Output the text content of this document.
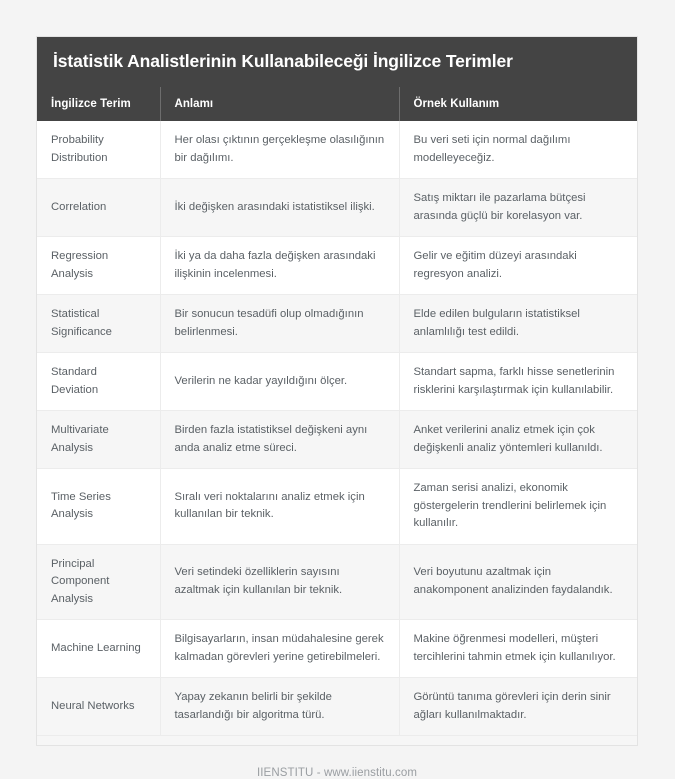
İstatistik Analistlerinin Kullanabileceği İngilizce Terimler
İngilizce Terim	Anlamı	Örnek Kullanım
Probability Distribution	Her olası çıktının gerçekleşme olasılığının bir dağılımı.	Bu veri seti için normal dağılımı modelleyeceğiz.
Correlation	İki değişken arasındaki istatistiksel ilişki.	Satış miktarı ile pazarlama bütçesi arasında güçlü bir korelasyon var.
Regression Analysis	İki ya da daha fazla değişken arasındaki ilişkinin incelenmesi.	Gelir ve eğitim düzeyi arasındaki regresyon analizi.
Statistical Significance	Bir sonucun tesadüfi olup olmadığının belirlenmesi.	Elde edilen bulguların istatistiksel anlamlılığı test edildi.
Standard Deviation	Verilerin ne kadar yayıldığını ölçer.	Standart sapma, farklı hisse senetlerinin risklerini karşılaştırmak için kullanılabilir.
Multivariate Analysis	Birden fazla istatistiksel değişkeni aynı anda analiz etme süreci.	Anket verilerini analiz etmek için çok değişkenli analiz yöntemleri kullanıldı.
Time Series Analysis	Sıralı veri noktalarını analiz etmek için kullanılan bir teknik.	Zaman serisi analizi, ekonomik göstergelerin trendlerini belirlemek için kullanılır.
Principal Component Analysis	Veri setindeki özelliklerin sayısını azaltmak için kullanılan bir teknik.	Veri boyutunu azaltmak için anakomponent analizinden faydalandık.
Machine Learning	Bilgisayarların, insan müdahalesine gerek kalmadan görevleri yerine getirebilmeleri.	Makine öğrenmesi modelleri, müşteri tercihlerini tahmin etmek için kullanılıyor.
Neural Networks	Yapay zekanın belirli bir şekilde tasarlandığı bir algoritma türü.	Görüntü tanıma görevleri için derin sinir ağları kullanılmaktadır.
IIENSTITU - www.iienstitu.com
